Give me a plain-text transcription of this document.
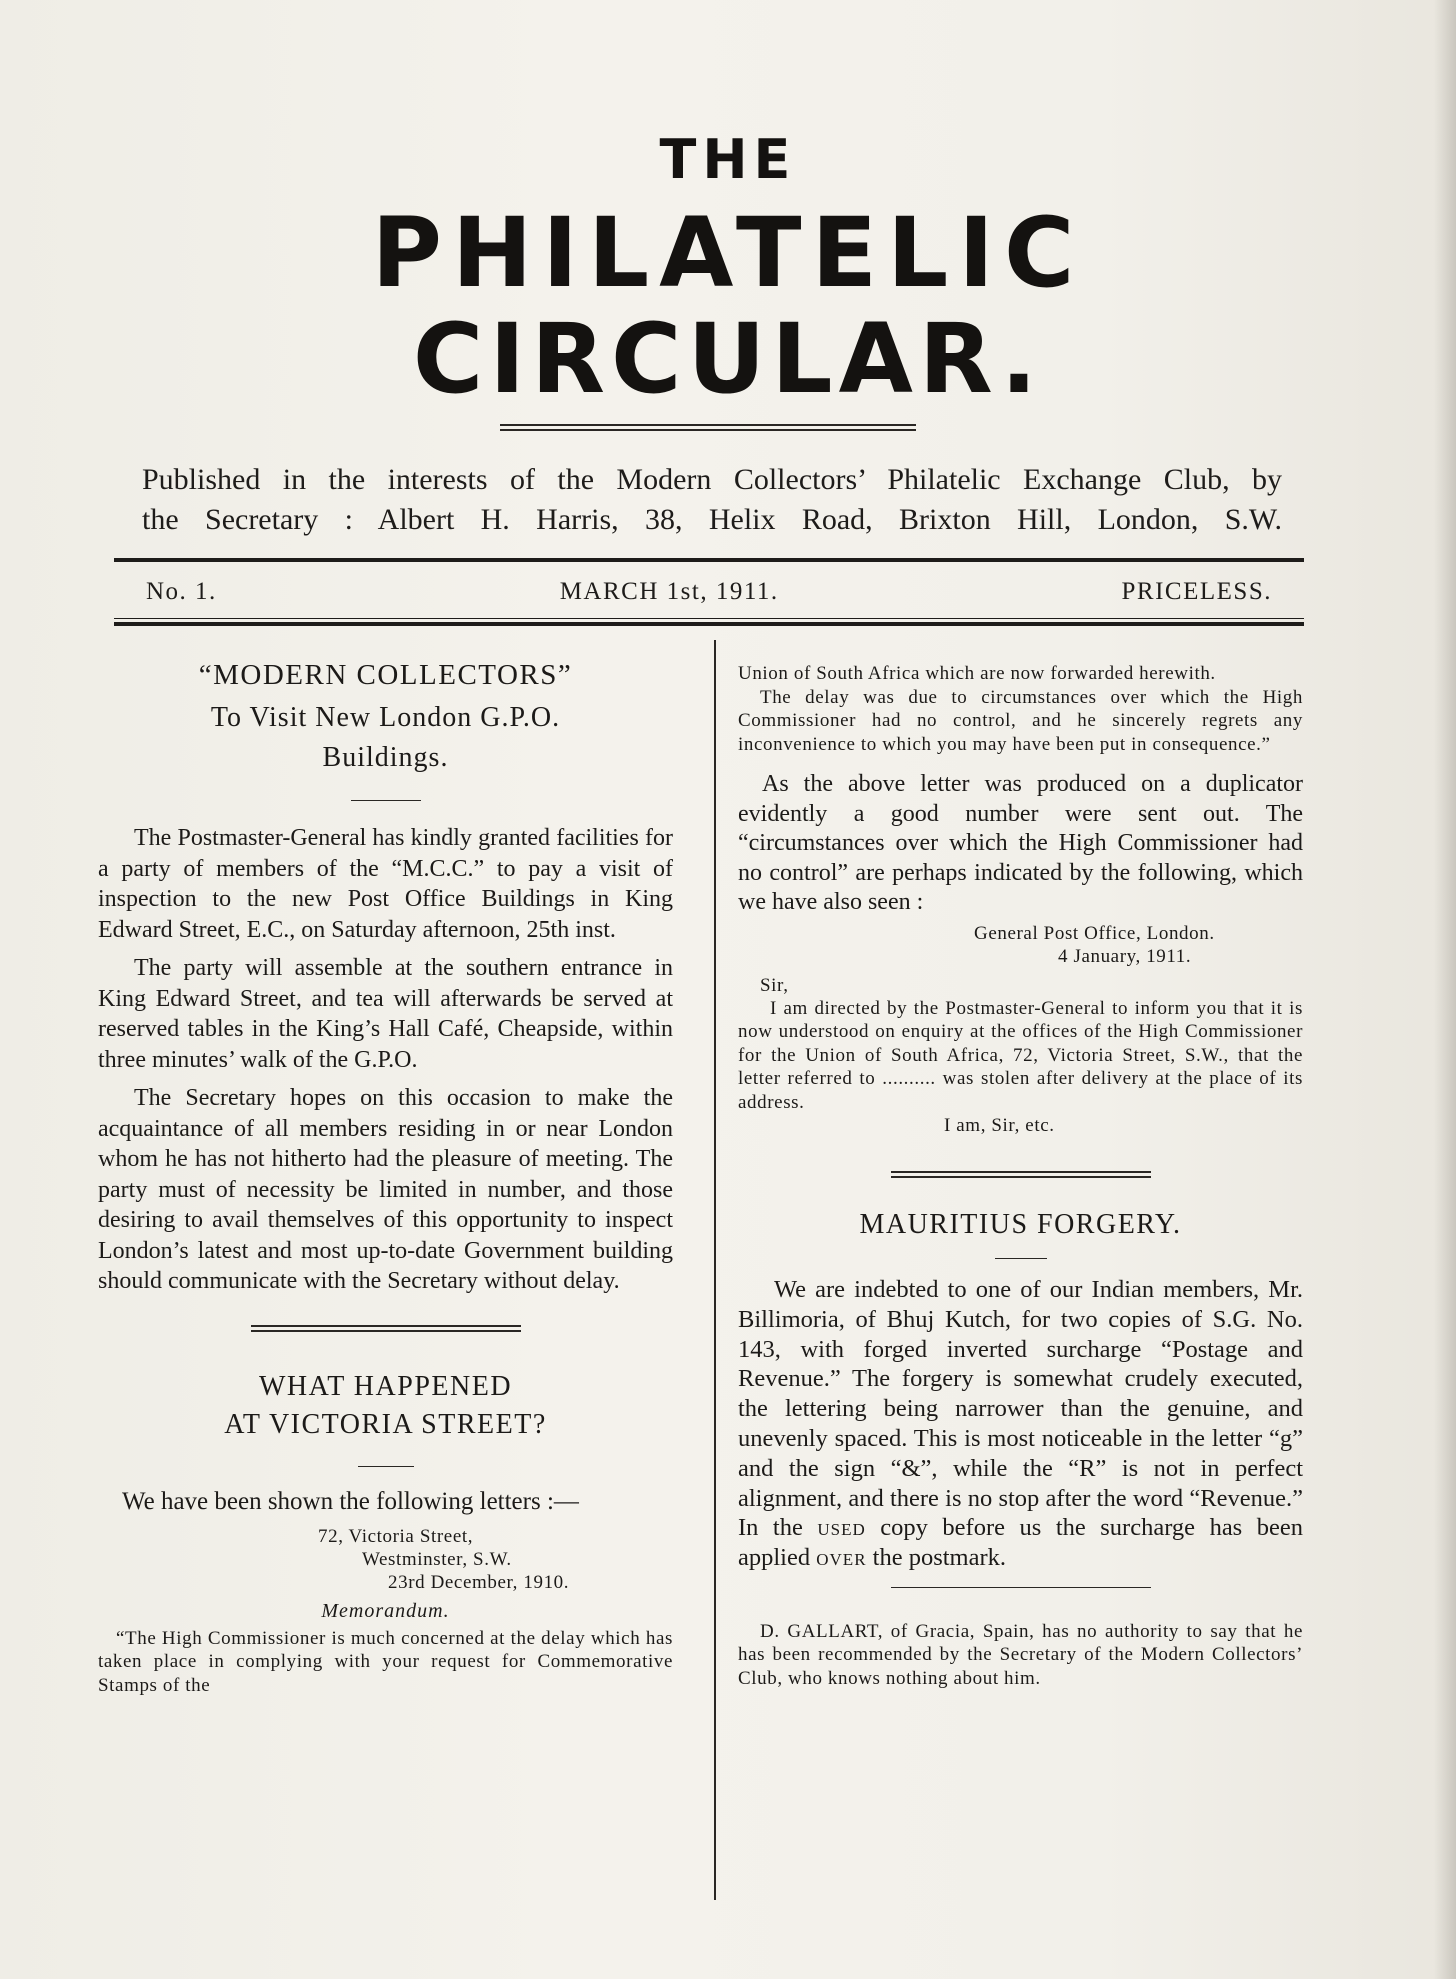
THE
PHILATELIC
CIRCULAR.
Published in the interests of the Modern Collectors’ Philatelic Exchange Club, by
the Secretary : Albert H. Harris, 38, Helix Road, Brixton Hill, London, S.W.
No. 1.	MARCH 1st, 1911.	PRICELESS.

“MODERN COLLECTORS”

To Visit New London G.P.O.

Buildings.

The Postmaster-General has kindly granted facilities for a party of members of the “M.C.C.” to pay a visit of inspection to the new Post Office Buildings in King Edward Street, E.C., on Saturday afternoon, 25th inst.

The party will assemble at the southern entrance in King Edward Street, and tea will afterwards be served at reserved tables in the King’s Hall Café, Cheapside, within three minutes’ walk of the G.P.O.

The Secretary hopes on this occasion to make the acquaintance of all members residing in or near London whom he has not hitherto had the pleasure of meeting. The party must of necessity be limited in number, and those desiring to avail themselves of this opportunity to inspect London’s latest and most up-to-date Government building should communicate with the Secretary without delay.

WHAT HAPPENED

AT VICTORIA STREET?

We have been shown the following letters :—

72, Victoria Street,
Westminster, S.W.
23rd December, 1910.

Memorandum.

“The High Commissioner is much concerned at the delay which has taken place in complying with your request for Commemorative Stamps of the

Union of South Africa which are now forwarded herewith.

The delay was due to circumstances over which the High Commissioner had no control, and he sincerely regrets any inconvenience to which you may have been put in consequence.”

As the above letter was produced on a duplicator evidently a good number were sent out. The “circumstances over which the High Commissioner had no control” are perhaps indicated by the following, which we have also seen :

General Post Office, London.
4 January, 1911.

Sir,

I am directed by the Postmaster-General to inform you that it is now understood on enquiry at the offices of the High Commissioner for the Union of South Africa, 72, Victoria Street, S.W., that the letter referred to .......... was stolen after delivery at the place of its address.

I am, Sir, etc.

MAURITIUS FORGERY.

We are indebted to one of our Indian members, Mr. Billimoria, of Bhuj Kutch, for two copies of S.G. No. 143, with forged inverted surcharge “Postage and Revenue.” The forgery is somewhat crudely executed, the lettering being narrower than the genuine, and unevenly spaced. This is most noticeable in the letter “g” and the sign “&”, while the “R” is not in perfect alignment, and there is no stop after the word “Revenue.” In the used copy before us the surcharge has been applied over the postmark.

D. GALLART, of Gracia, Spain, has no authority to say that he has been recommended by the Secretary of the Modern Collectors’ Club, who knows nothing about him.
